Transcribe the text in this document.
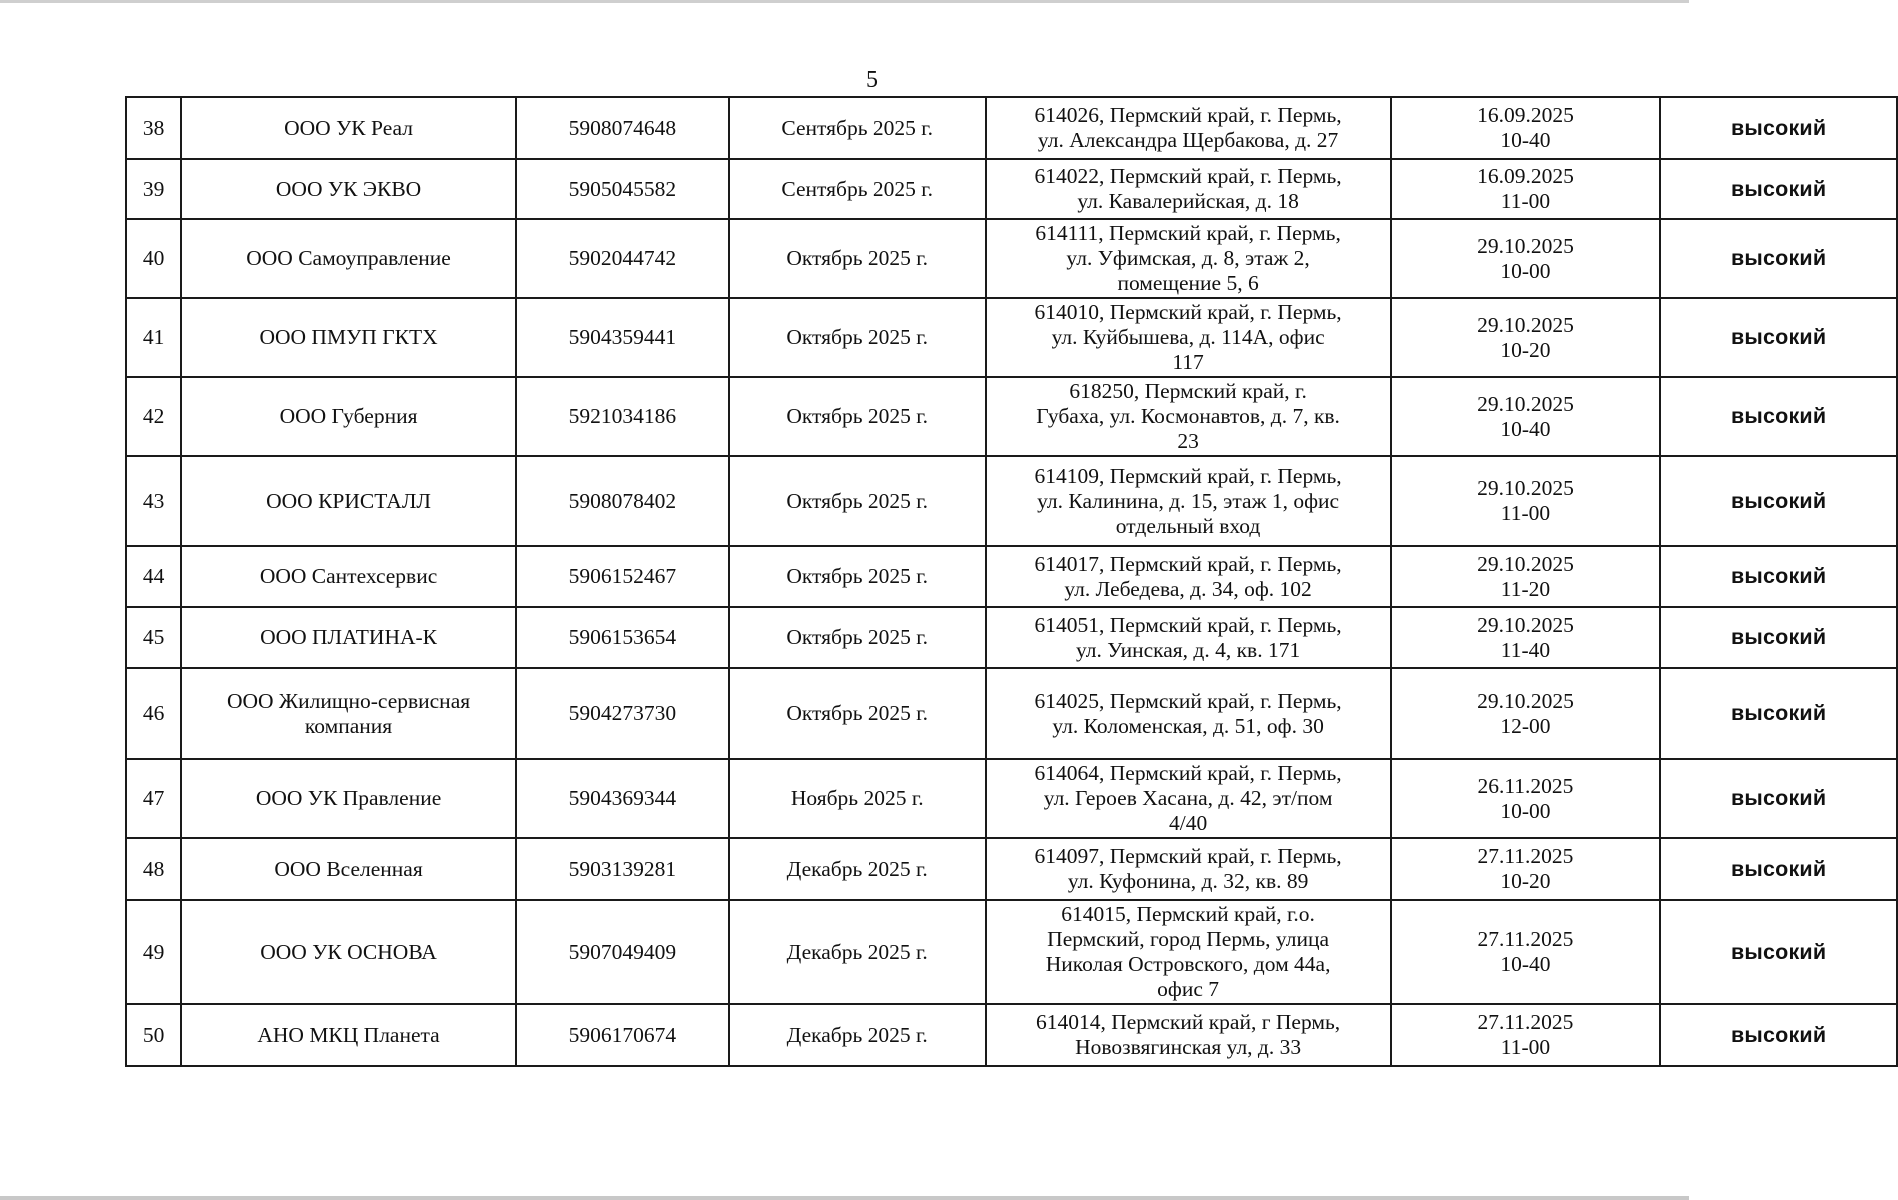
5
38	ООО УК Реал	5908074648	Сентябрь 2025 г.	614026, Пермский край, г. Пермь,
ул. Александра Щербакова, д. 27	16.09.2025
10-40	высокий
39	ООО УК ЭКВО	5905045582	Сентябрь 2025 г.	614022, Пермский край, г. Пермь,
ул. Кавалерийская, д. 18	16.09.2025
11-00	высокий
40	ООО Самоуправление	5902044742	Октябрь 2025 г.	614111, Пермский край, г. Пермь,
ул. Уфимская, д. 8, этаж 2,
помещение 5, 6	29.10.2025
10-00	высокий
41	ООО ПМУП ГКТХ	5904359441	Октябрь 2025 г.	614010, Пермский край, г. Пермь,
ул. Куйбышева, д. 114А, офис
117	29.10.2025
10-20	высокий
42	ООО Губерния	5921034186	Октябрь 2025 г.	618250, Пермский край, г.
Губаха, ул. Космонавтов, д. 7, кв.
23	29.10.2025
10-40	высокий
43	ООО КРИСТАЛЛ	5908078402	Октябрь 2025 г.	614109, Пермский край, г. Пермь,
ул. Калинина, д. 15, этаж 1, офис
отдельный вход	29.10.2025
11-00	высокий
44	ООО Сантехсервис	5906152467	Октябрь 2025 г.	614017, Пермский край, г. Пермь,
ул. Лебедева, д. 34, оф. 102	29.10.2025
11-20	высокий
45	ООО ПЛАТИНА-К	5906153654	Октябрь 2025 г.	614051, Пермский край, г. Пермь,
ул. Уинская, д. 4, кв. 171	29.10.2025
11-40	высокий
46	ООО Жилищно-сервисная компания	5904273730	Октябрь 2025 г.	614025, Пермский край, г. Пермь,
ул. Коломенская, д. 51, оф. 30	29.10.2025
12-00	высокий
47	ООО УК Правление	5904369344	Ноябрь 2025 г.	614064, Пермский край, г. Пермь,
ул. Героев Хасана, д. 42, эт/пом
4/40	26.11.2025
10-00	высокий
48	ООО Вселенная	5903139281	Декабрь 2025 г.	614097, Пермский край, г. Пермь,
ул. Куфонина, д. 32, кв. 89	27.11.2025
10-20	высокий
49	ООО УК ОСНОВА	5907049409	Декабрь 2025 г.	614015, Пермский край, г.о.
Пермский, город Пермь, улица
Николая Островского, дом 44а,
офис 7	27.11.2025
10-40	высокий
50	АНО МКЦ Планета	5906170674	Декабрь 2025 г.	614014, Пермский край, г Пермь,
Новозвягинская ул, д. 33	27.11.2025
11-00	высокий
